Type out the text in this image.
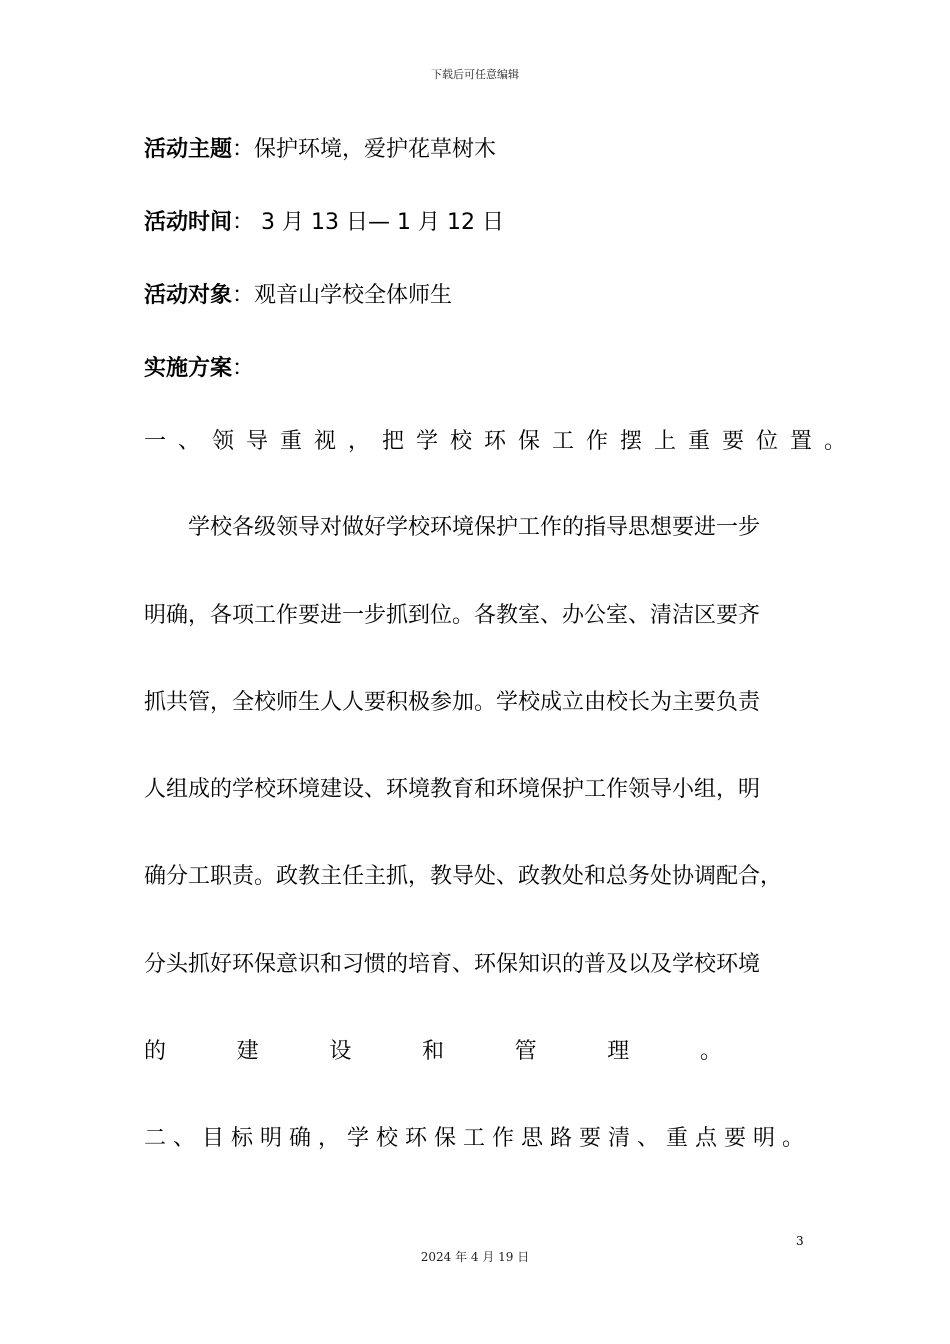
下载后可任意编辑
活动主题：保护环境，爱护花草树木
活动时间： 3 月 13 日— 1 月 12 日
活动对象：观音山学校全体师生
实施方案：
一、领导重视，把学校环保工作摆上重要位置。
　　学校各级领导对做好学校环境保护工作的指导思想要进一步
明确，各项工作要进一步抓到位。各教室、办公室、清洁区要齐
抓共管，全校师生人人要积极参加。学校成立由校长为主要负责
人组成的学校环境建设、环境教育和环境保护工作领导小组，明
确分工职责。政教主任主抓，教导处、政教处和总务处协调配合，
分头抓好环保意识和习惯的培育、环保知识的普及以及学校环境
的	建	设	和	管	理	。
二、目标明确，学校环保工作思路要清、重点要明。
3
2024 年 4 月 19 日
